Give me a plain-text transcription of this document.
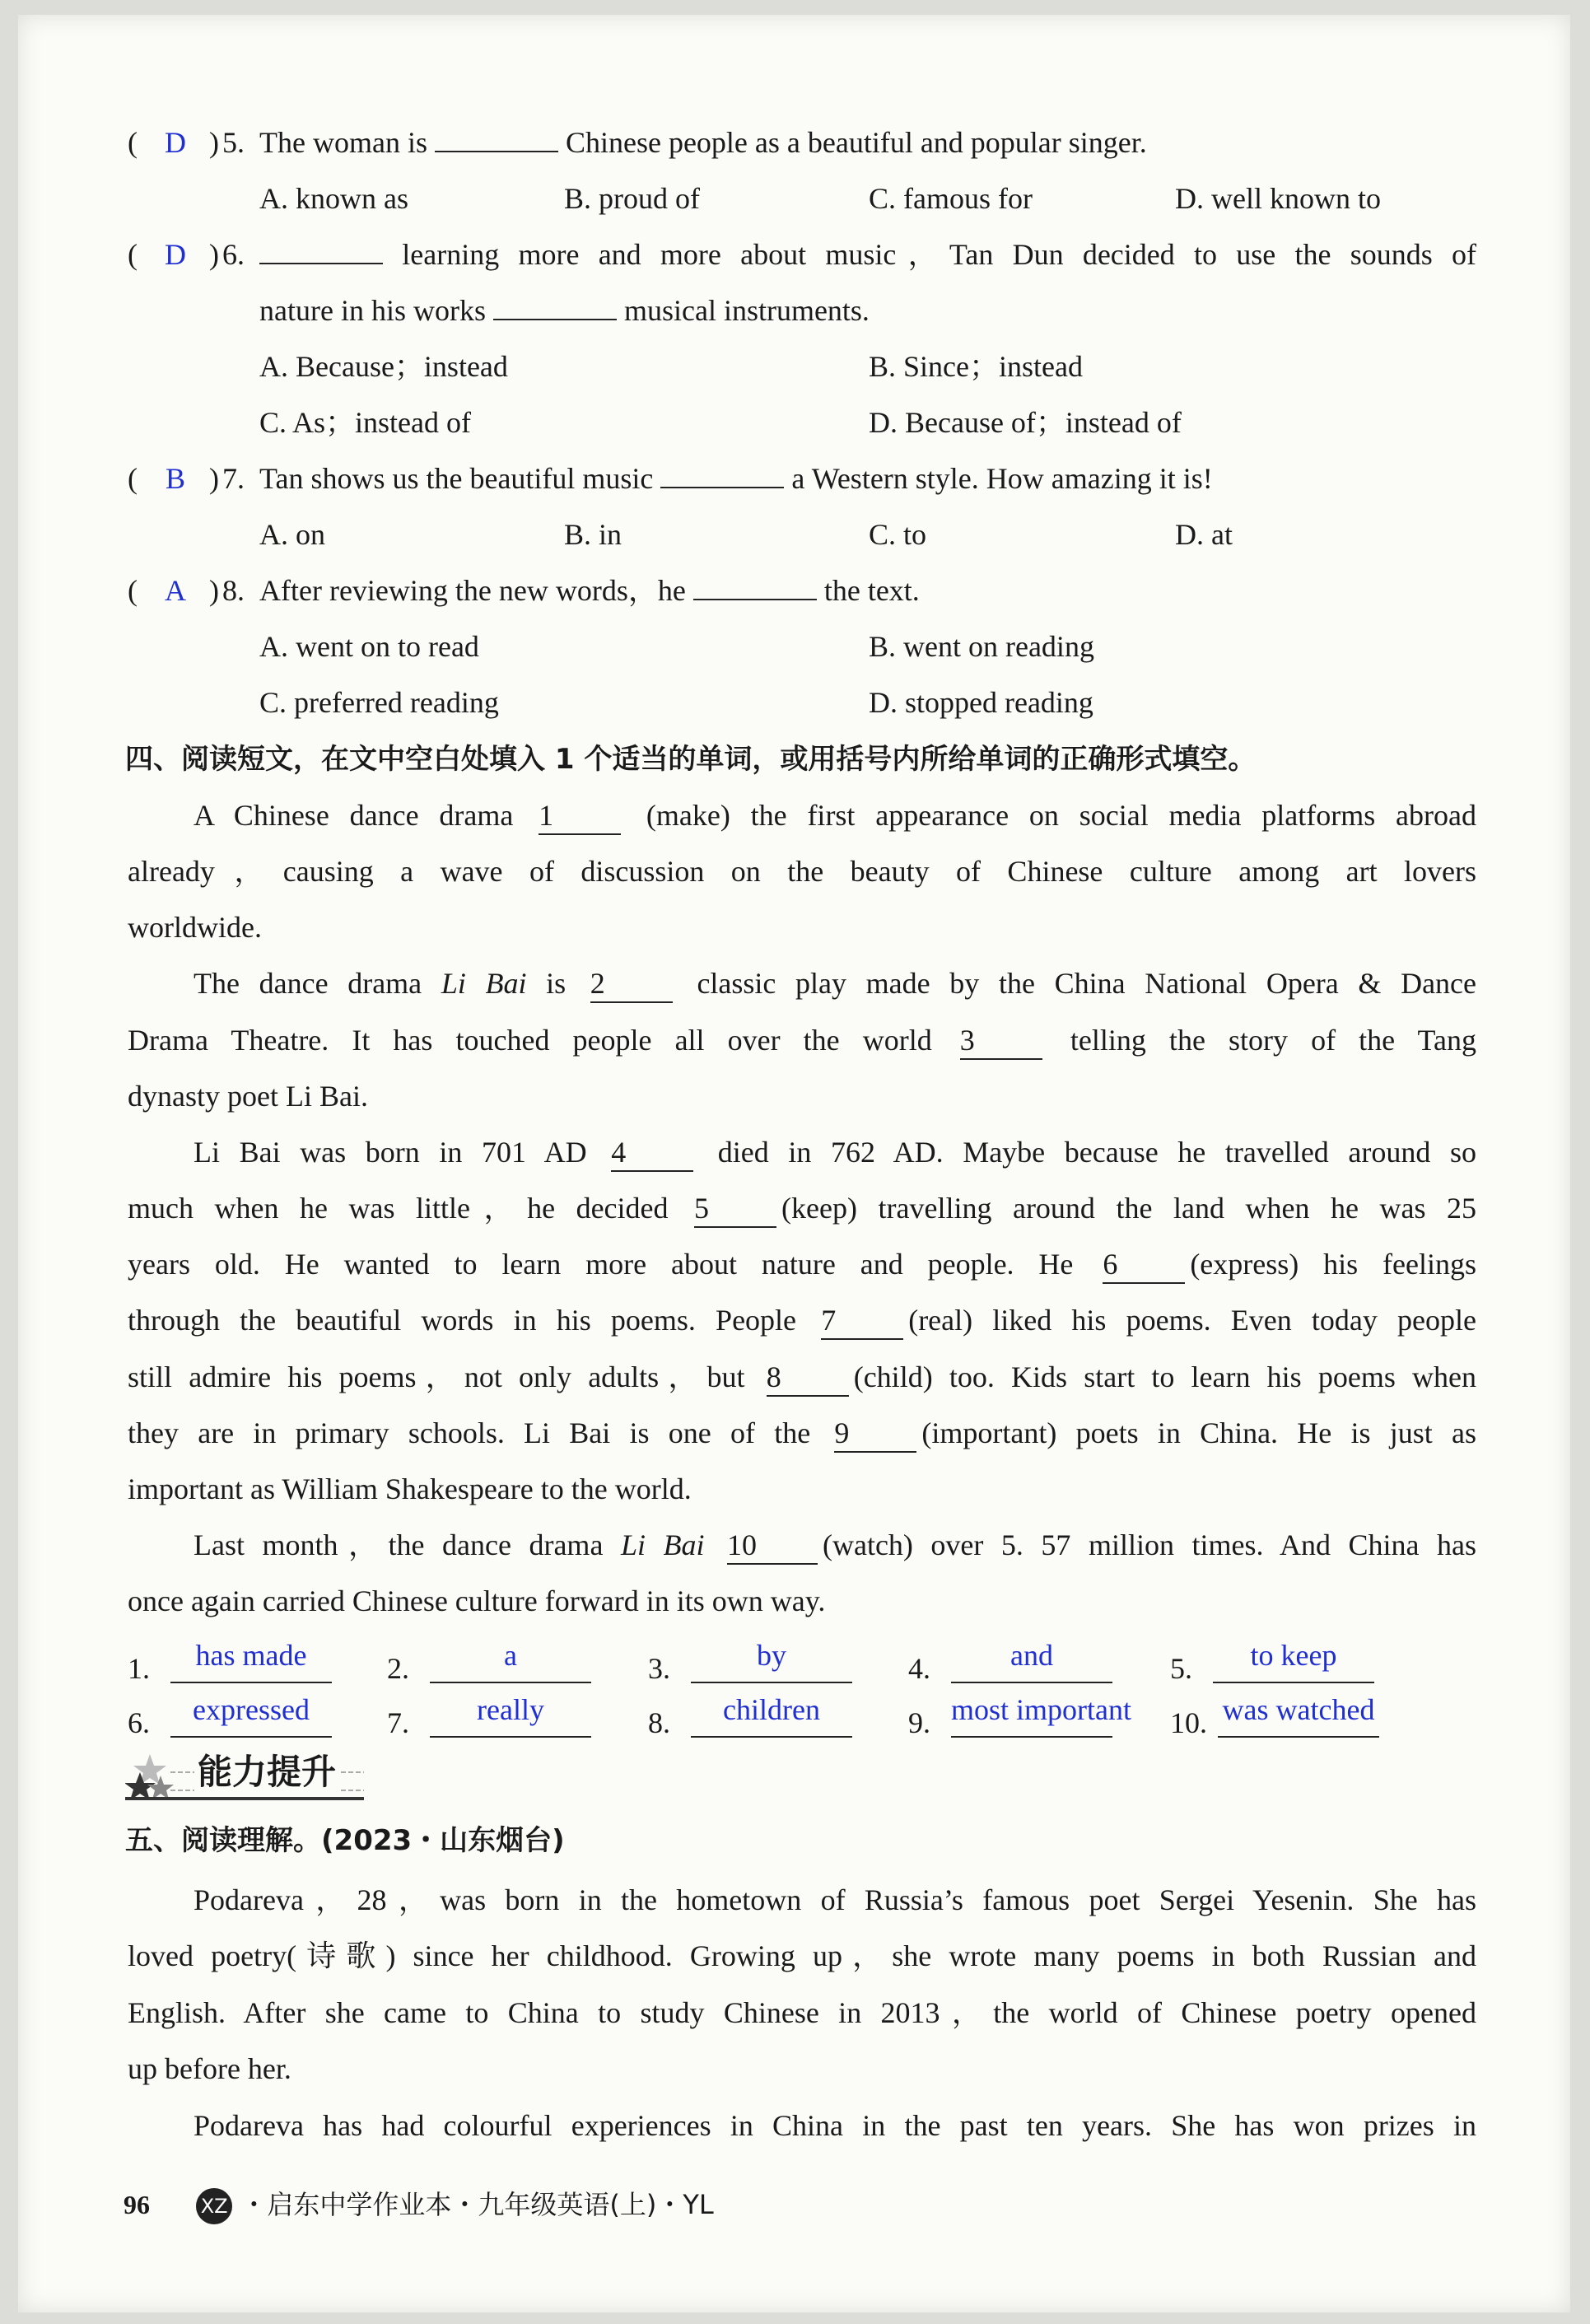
( D ) 5. The woman is	Chinese people as a beautiful and popular singer.
A. known as	B. proud of	C. famous for	D. well known to
( D ) 6.	learning more and more about music，Tan Dun decided to use the sounds of
nature in his works	musical instruments.
A. Because；instead	B. Since；instead
C. As；instead of	D. Because of；instead of
( B ) 7. Tan shows us the beautiful music	a Western style. How amazing it is!
A. on	B. in	C. to	D. at
( A ) 8. After reviewing the new words，he	the text.
A. went on to read	B. went on reading
C. preferred reading	D. stopped reading
四、阅读短文，在文中空白处填入 1 个适当的单词，或用括号内所给单词的正确形式填空。
A Chinese dance drama 1 (make) the first appearance on social media platforms abroad
already，causing a wave of discussion on the beauty of Chinese culture among art lovers
worldwide.
The dance drama Li Bai is 2 classic play made by the China National Opera & Dance
Drama Theatre. It has touched people all over the world 3 telling the story of the Tang
dynasty poet Li Bai.
Li Bai was born in 701 AD 4 died in 762 AD. Maybe because he travelled around so
much when he was little，he decided 5 (keep) travelling around the land when he was 25
years old. He wanted to learn more about nature and people. He 6 (express) his feelings
through the beautiful words in his poems. People 7 (real) liked his poems. Even today people
still admire his poems，not only adults，but 8 (child) too. Kids start to learn his poems when
they are in primary schools. Li Bai is one of the 9 (important) poets in China. He is just as
important as William Shakespeare to the world.
Last month，the dance drama Li Bai 10 (watch) over 5. 57 million times. And China has
once again carried Chinese culture forward in its own way.
1.	has made	2.	a	3.	by	4.	and	5.	to keep
6.	expressed	7.	really	8.	children	9. most important 10. was watched
能力提升
五、阅读理解。(2023・山东烟台)
Podareva，28，was born in the hometown of Russia’s famous poet Sergei Yesenin. She has
loved poetry(诗歌) since her childhood. Growing up，she wrote many poems in both Russian and
English. After she came to China to study Chinese in 2013，the world of Chinese poetry opened
up before her.
Podareva has had colourful experiences in China in the past ten years. She has won prizes in
96	XZ ・启东中学作业本・九年级英语(上)・YL
